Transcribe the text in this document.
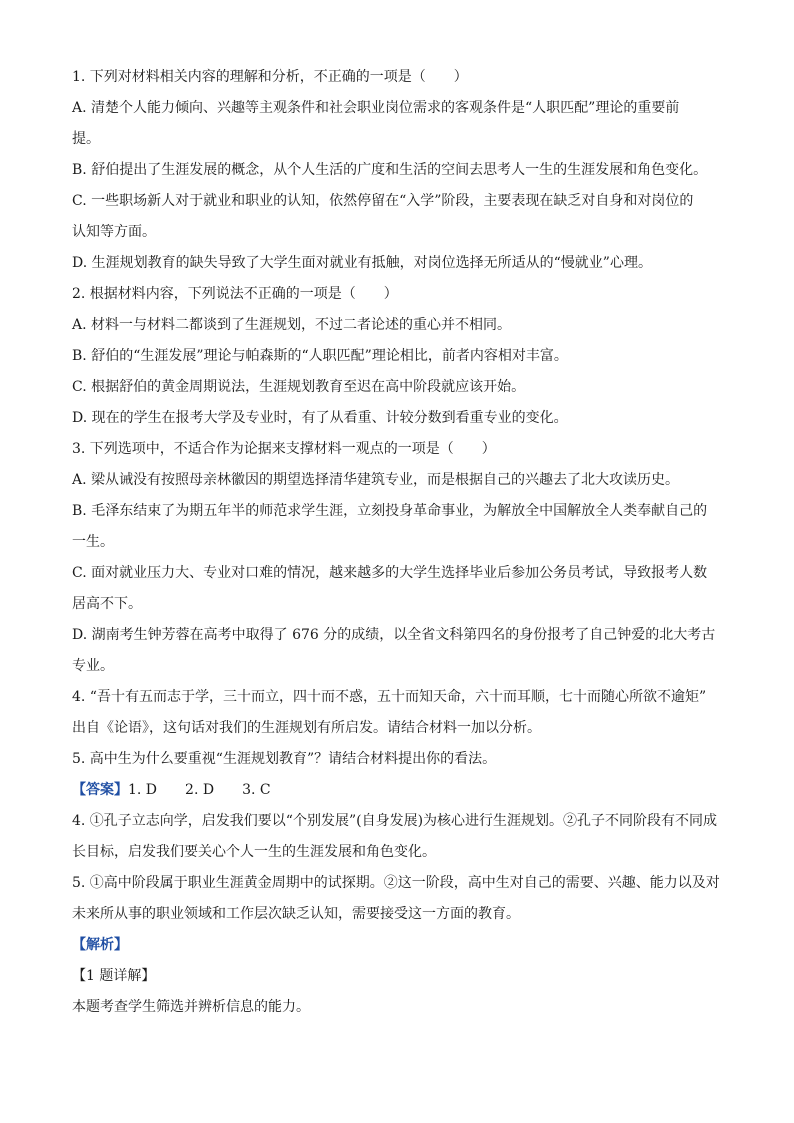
1. 下列对材料相关内容的理解和分析，不正确的一项是（　　）
A. 清楚个人能力倾向、兴趣等主观条件和社会职业岗位需求的客观条件是“人职匹配”理论的重要前
提。
B. 舒伯提出了生涯发展的概念，从个人生活的广度和生活的空间去思考人一生的生涯发展和角色变化。
C. 一些职场新人对于就业和职业的认知，依然停留在“入学”阶段，主要表现在缺乏对自身和对岗位的
认知等方面。
D. 生涯规划教育的缺失导致了大学生面对就业有抵触，对岗位选择无所适从的“慢就业”心理。
2. 根据材料内容，下列说法不正确的一项是（　　）
A. 材料一与材料二都谈到了生涯规划，不过二者论述的重心并不相同。
B. 舒伯的“生涯发展”理论与帕森斯的“人职匹配”理论相比，前者内容相对丰富。
C. 根据舒伯的黄金周期说法，生涯规划教育至迟在高中阶段就应该开始。
D. 现在的学生在报考大学及专业时，有了从看重、计较分数到看重专业的变化。
3. 下列选项中，不适合作为论据来支撑材料一观点的一项是（　　）
A. 梁从诫没有按照母亲林徽因的期望选择清华建筑专业，而是根据自己的兴趣去了北大攻读历史。
B. 毛泽东结束了为期五年半的师范求学生涯，立刻投身革命事业，为解放全中国解放全人类奉献自己的
一生。
C. 面对就业压力大、专业对口难的情况，越来越多的大学生选择毕业后参加公务员考试，导致报考人数
居高不下。
D. 湖南考生钟芳蓉在高考中取得了 676 分的成绩，以全省文科第四名的身份报考了自己钟爱的北大考古
专业。
4. “吾十有五而志于学，三十而立，四十而不惑，五十而知天命，六十而耳顺，七十而随心所欲不逾矩”
出自《论语》，这句话对我们的生涯规划有所启发。请结合材料一加以分析。
5. 高中生为什么要重视“生涯规划教育”？请结合材料提出你的看法。
【答案】1. D　　2. D　　3. C
4. ①孔子立志向学，启发我们要以“个别发展”(自身发展)为核心进行生涯规划。②孔子不同阶段有不同成
长目标，启发我们要关心个人一生的生涯发展和角色变化。
5. ①高中阶段属于职业生涯黄金周期中的试探期。②这一阶段，高中生对自己的需要、兴趣、能力以及对
未来所从事的职业领域和工作层次缺乏认知，需要接受这一方面的教育。
【解析】
【1 题详解】
本题考查学生筛选并辨析信息的能力。
